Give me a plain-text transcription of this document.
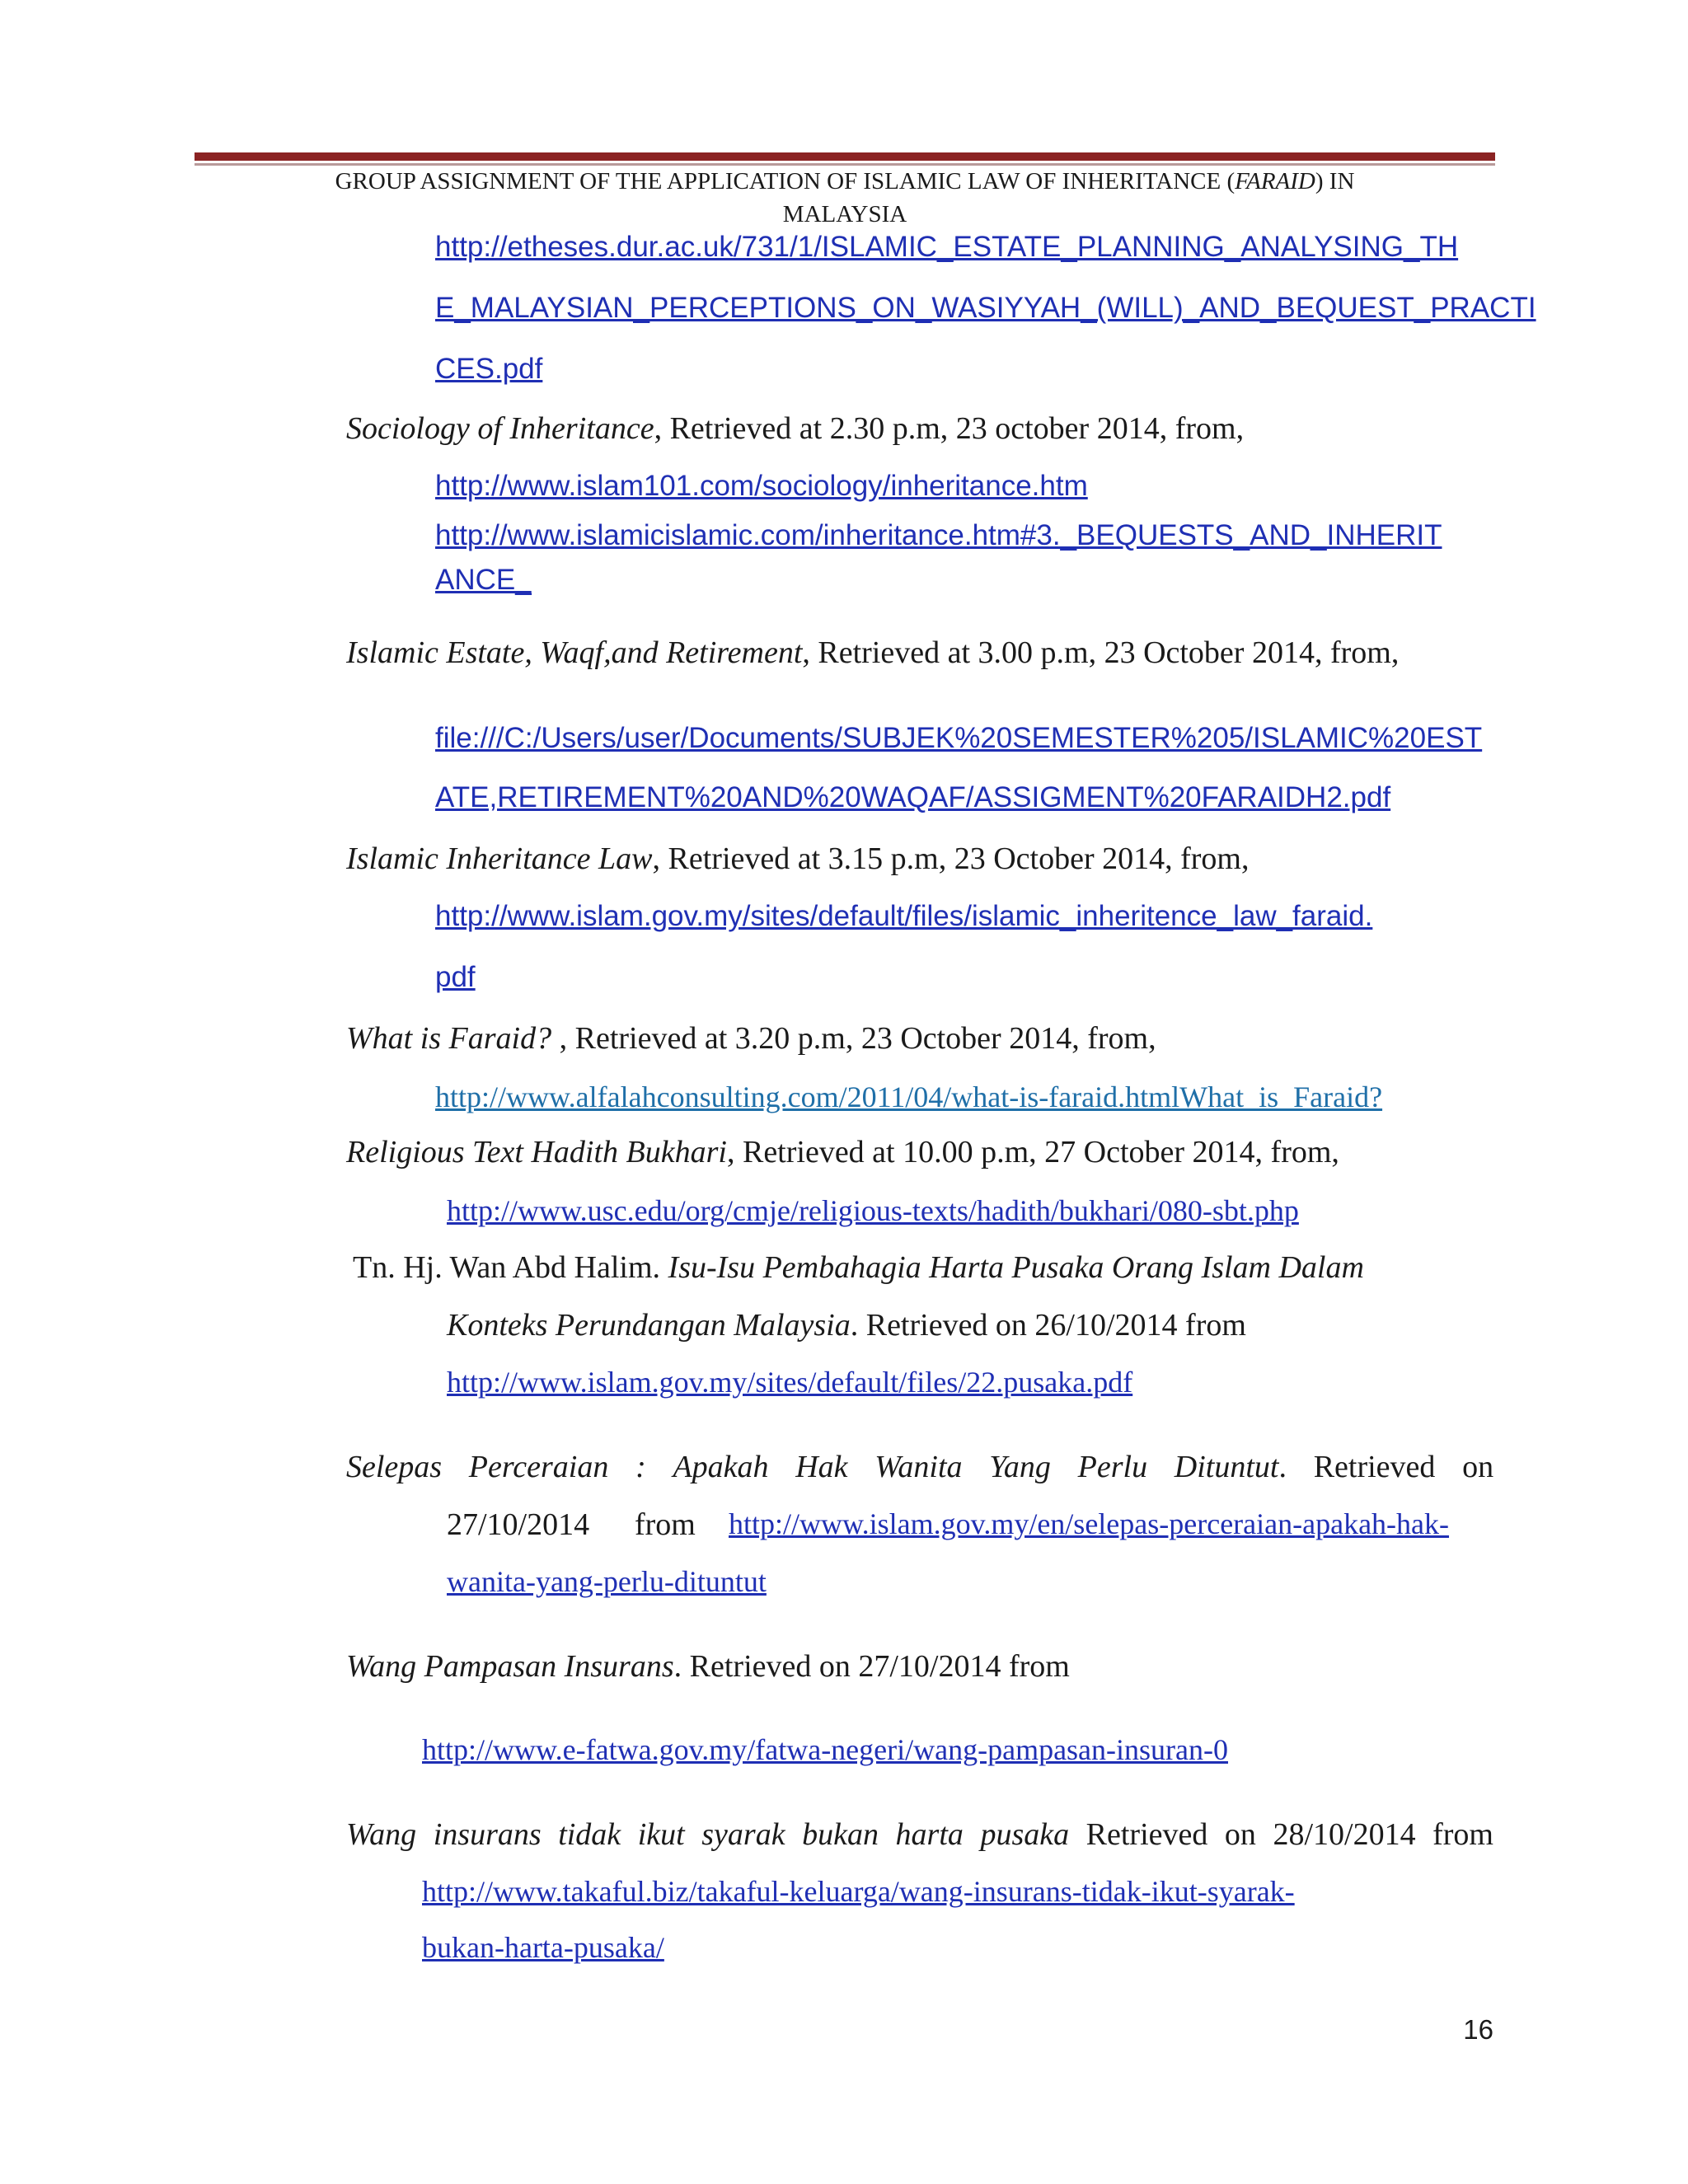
GROUP ASSIGNMENT OF THE APPLICATION OF ISLAMIC LAW OF INHERITANCE (FARAID) IN
MALAYSIA
http://etheses.dur.ac.uk/731/1/ISLAMIC_ESTATE_PLANNING_ANALYSING_TH
E_MALAYSIAN_PERCEPTIONS_ON_WASIYYAH_(WILL)_AND_BEQUEST_PRACTI
CES.pdf
Sociology of Inheritance, Retrieved at 2.30 p.m, 23 october 2014, from,
http://www.islam101.com/sociology/inheritance.htm
http://www.islamicislamic.com/inheritance.htm#3._BEQUESTS_AND_INHERIT
ANCE_
Islamic Estate, Waqf,and Retirement, Retrieved at 3.00 p.m, 23 October 2014, from,
file:///C:/Users/user/Documents/SUBJEK%20SEMESTER%205/ISLAMIC%20EST
ATE,RETIREMENT%20AND%20WAQAF/ASSIGMENT%20FARAIDH2.pdf
Islamic Inheritance Law, Retrieved at 3.15 p.m, 23 October 2014, from,
http://www.islam.gov.my/sites/default/files/islamic_inheritence_law_faraid.
pdf
What is Faraid? , Retrieved at 3.20 p.m, 23 October 2014, from,
http://www.alfalahconsulting.com/2011/04/what-is-faraid.htmlWhat_is_Faraid?
Religious Text Hadith Bukhari, Retrieved at 10.00 p.m, 27 October 2014, from,
http://www.usc.edu/org/cmje/religious-texts/hadith/bukhari/080-sbt.php
Tn. Hj. Wan Abd Halim. Isu-Isu Pembahagia Harta Pusaka Orang Islam Dalam
Konteks Perundangan Malaysia. Retrieved on 26/10/2014 from
http://www.islam.gov.my/sites/default/files/22.pusaka.pdf
Selepas Perceraian : Apakah Hak Wanita Yang Perlu Dituntut. Retrieved on
27/10/2014 from http://www.islam.gov.my/en/selepas-perceraian-apakah-hak-
wanita-yang-perlu-dituntut
Wang Pampasan Insurans. Retrieved on 27/10/2014 from
http://www.e-fatwa.gov.my/fatwa-negeri/wang-pampasan-insuran-0
Wang insurans tidak ikut syarak bukan harta pusaka Retrieved on 28/10/2014 from
http://www.takaful.biz/takaful-keluarga/wang-insurans-tidak-ikut-syarak-
bukan-harta-pusaka/
16
